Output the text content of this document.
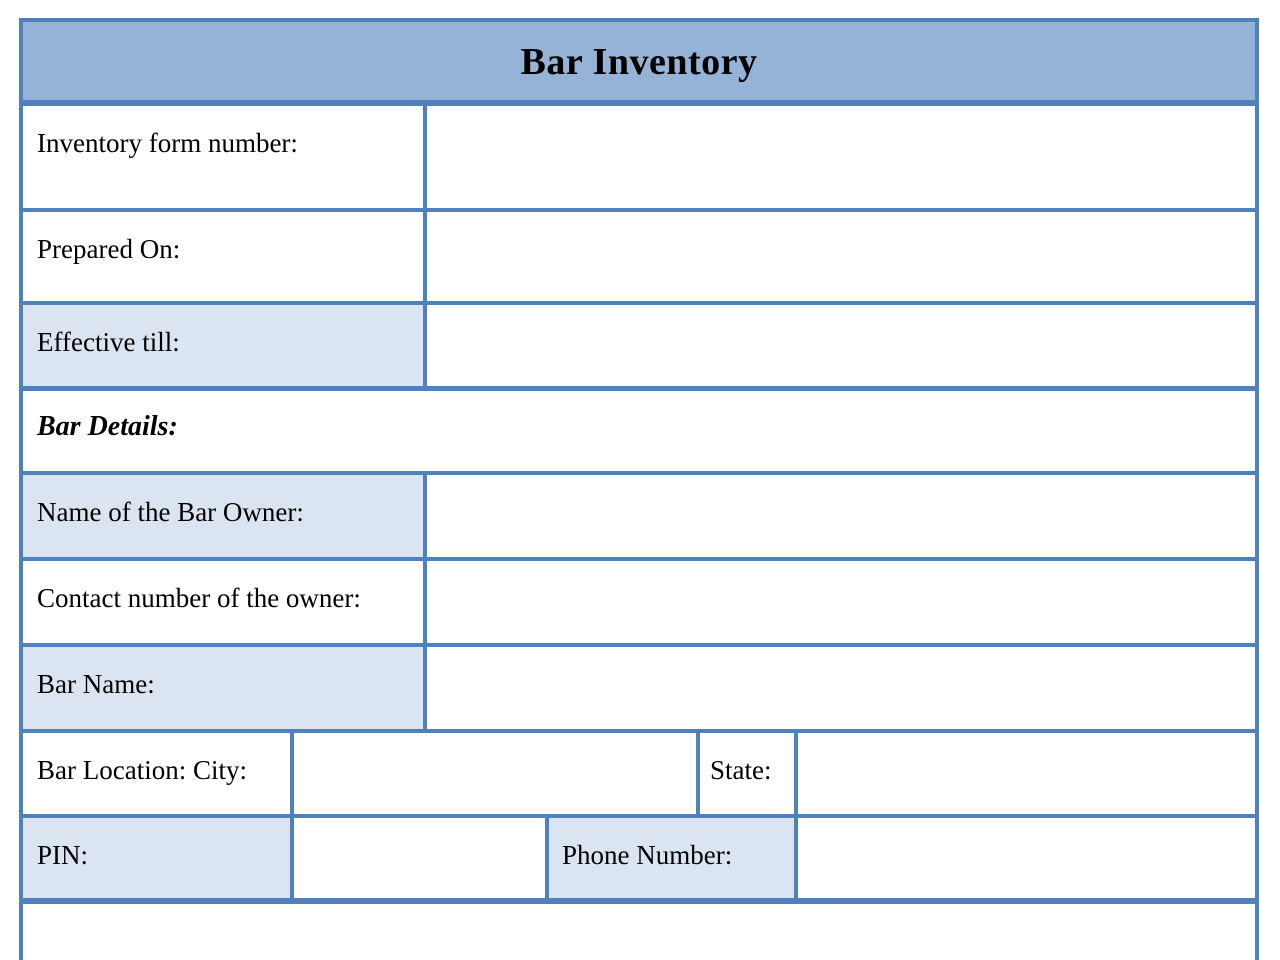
Bar Inventory
Inventory form number:
Prepared On:
Effective till:
Bar Details:
Name of the Bar Owner:
Contact number of the owner:
Bar Name:
Bar Location: City:	State:
PIN:	Phone Number:
